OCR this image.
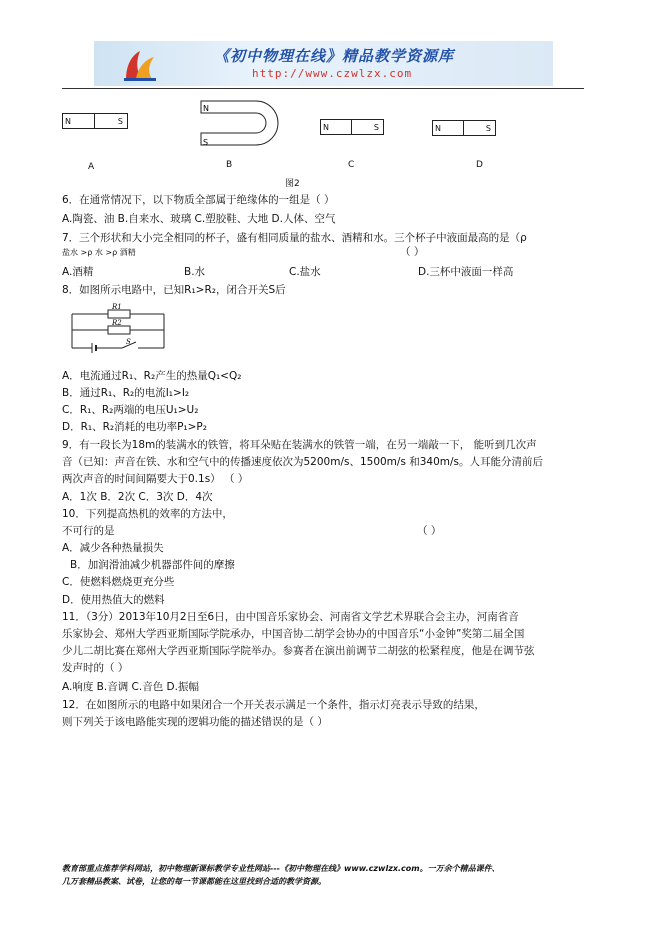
《初中物理在线》精品教学资源库
http://www.czwlzx.com
N	S
N
S
N	S	N	S
A	B	C	D
图2
6．在通常情况下，以下物质全部属于绝缘体的一组是（ ）
A.陶瓷、油 B.自来水、玻璃 C.塑胶鞋、大地 D.人体、空气
7．三个形状和大小完全相同的杯子，盛有相同质量的盐水、酒精和水。三个杯子中液面最高的是（ρ
盐水 >ρ 水 >ρ 酒精	（ ）
A.酒精	B.水	C.盐水	D.三杯中液面一样高
8．如图所示电路中，已知R₁>R₂，闭合开关S后
R1
R2
S
A．电流通过R₁、R₂产生的热量Q₁<Q₂
B．通过R₁、R₂的电流I₁>I₂
C．R₁、R₂两端的电压U₁>U₂
D．R₁、R₂消耗的电功率P₁>P₂
9．有一段长为18m的装满水的铁管，将耳朵贴在装满水的铁管一端，在另一端敲一下， 能听到几次声
音（已知：声音在铁、水和空气中的传播速度依次为5200m/s、1500m/s 和340m/s。人耳能分清前后
两次声音的时间间隔要大于0.1s） （ ）
A．1次 B．2次 C．3次 D．4次
10．下列提高热机的效率的方法中，
不可行的是	（ ）
A．减少各种热量损失
B．加润滑油减少机器部件间的摩擦
C．使燃料燃烧更充分些
D．使用热值大的燃料
11．（3分）2013年10月2日至6日，由中国音乐家协会、河南省文学艺术界联合会主办，河南省音
乐家协会、郑州大学西亚斯国际学院承办，中国音协二胡学会协办的中国音乐“小金钟”奖第二届全国
少儿二胡比赛在郑州大学西亚斯国际学院举办。参赛者在演出前调节二胡弦的松紧程度，他是在调节弦
发声时的（ ）
A.响度 B.音调 C.音色 D.振幅
12．在如图所示的电路中如果闭合一个开关表示满足一个条件，指示灯亮表示导致的结果，
则下列关于该电路能实现的逻辑功能的描述错误的是（ ）
教育部重点推荐学科网站，初中物理新课标教学专业性网站---《初中物理在线》www.czwlzx.com。一万余个精品课件、
几万套精品教案、试卷，让您的每一节课都能在这里找到合适的教学资源。
